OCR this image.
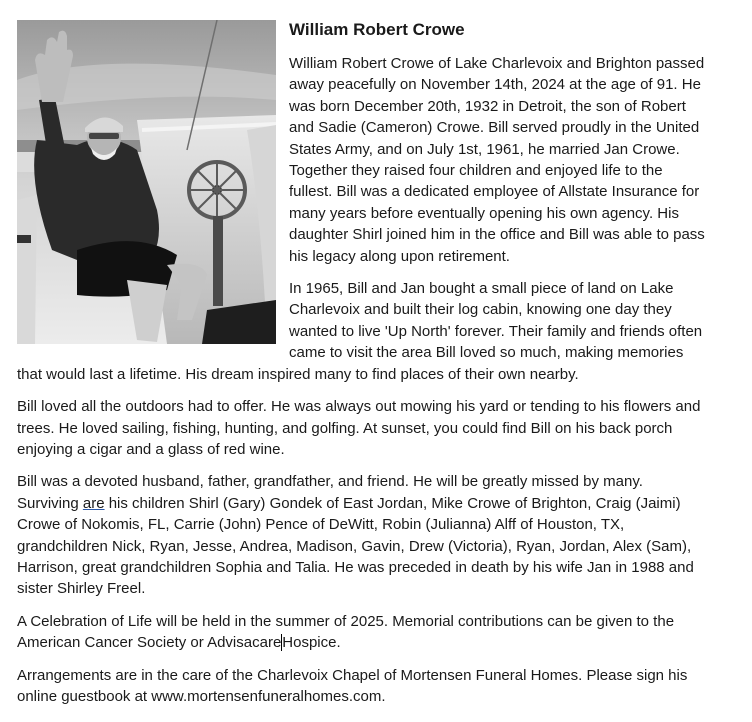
William Robert Crowe

William Robert Crowe of Lake Charlevoix and Brighton passed away peacefully on November 14th, 2024 at the age of 91. He was born December 20th, 1932 in Detroit, the son of Robert and Sadie (Cameron) Crowe. Bill served proudly in the United States Army, and on July 1st, 1961, he married Jan Crowe. Together they raised four children and enjoyed life to the fullest. Bill was a dedicated employee of Allstate Insurance for many years before eventually opening his own agency. His daughter Shirl joined him in the office and Bill was able to pass his legacy along upon retirement.

In 1965, Bill and Jan bought a small piece of land on Lake Charlevoix and built their log cabin, knowing one day they wanted to live 'Up North' forever. Their family and friends often came to visit the area Bill loved so much, making memories that would last a lifetime. His dream inspired many to find places of their own nearby.

Bill loved all the outdoors had to offer. He was always out mowing his yard or tending to his flowers and trees. He loved sailing, fishing, hunting, and golfing. At sunset, you could find Bill on his back porch enjoying a cigar and a glass of red wine.

Bill was a devoted husband, father, grandfather, and friend. He will be greatly missed by many. Surviving are his children Shirl (Gary) Gondek of East Jordan, Mike Crowe of Brighton, Craig (Jaimi) Crowe of Nokomis, FL, Carrie (John) Pence of DeWitt, Robin (Julianna) Alff of Houston, TX, grandchildren Nick, Ryan, Jesse, Andrea, Madison, Gavin, Drew (Victoria), Ryan, Jordan, Alex (Sam), Harrison, great grandchildren Sophia and Talia. He was preceded in death by his wife Jan in 1988 and sister Shirley Freel.

A Celebration of Life will be held in the summer of 2025. Memorial contributions can be given to the American Cancer Society or AdvisacareHospice.

Arrangements are in the care of the Charlevoix Chapel of Mortensen Funeral Homes. Please sign his online guestbook at www.mortensenfuneralhomes.com.
